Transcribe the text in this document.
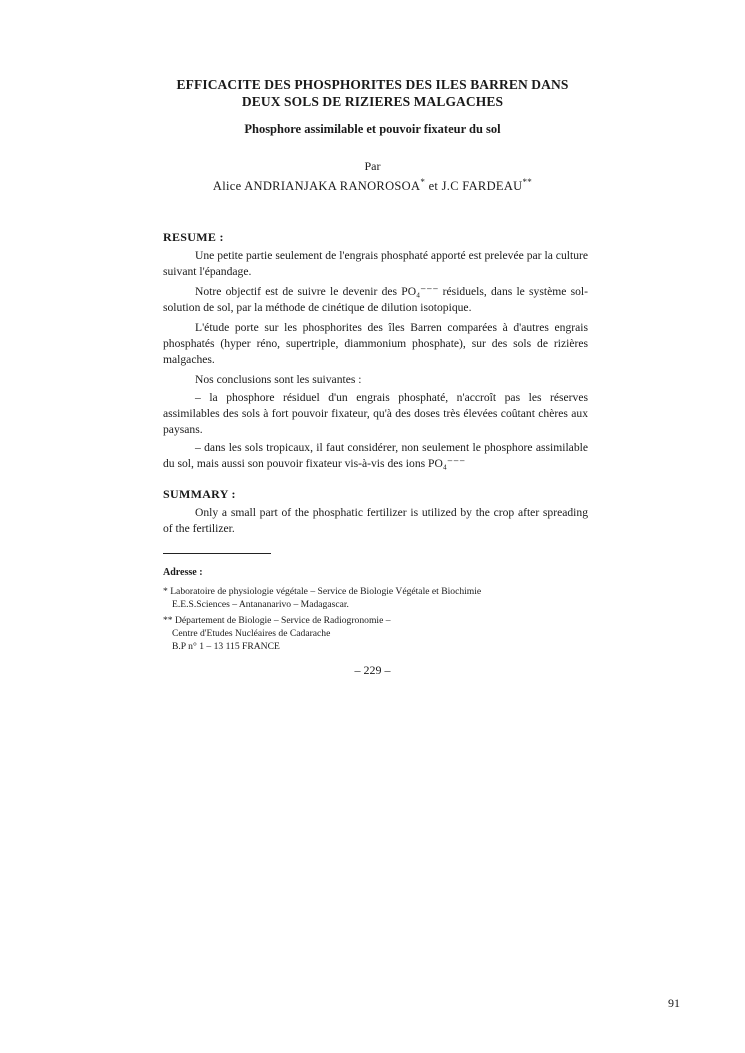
EFFICACITE DES PHOSPHORITES DES ILES BARREN DANS
DEUX SOLS DE RIZIERES MALGACHES
Phosphore assimilable et pouvoir fixateur du sol
Par
Alice ANDRIANJAKA RANOROSOA* et J.C FARDEAU**
RESUME :

Une petite partie seulement de l'engrais phosphaté apporté est prelevée par la culture suivant l'épandage.

Notre objectif est de suivre le devenir des PO₄⁻⁻⁻ résiduels, dans le système sol-solution de sol, par la méthode de cinétique de dilution isotopique.

L'étude porte sur les phosphorites des îles Barren comparées à d'autres engrais phosphatés (hyper réno, supertriple, diammonium phosphate), sur des sols de rizières malgaches.

Nos conclusions sont les suivantes :

– la phosphore résiduel d'un engrais phosphaté, n'accroît pas les réserves assimilables des sols à fort pouvoir fixateur, qu'à des doses très élevées coûtant chères aux paysans.

– dans les sols tropicaux, il faut considérer, non seulement le phosphore assimilable du sol, mais aussi son pouvoir fixateur vis-à-vis des ions PO₄⁻⁻⁻

SUMMARY :

Only a small part of the phosphatic fertilizer is utilized by the crop after spreading of the fertilizer.

Adresse :
* Laboratoire de physiologie végétale – Service de Biologie Végétale et Biochimie
E.E.S.Sciences – Antananarivo – Madagascar.
** Département de Biologie – Service de Radiogronomie –
Centre d'Etudes Nucléaires de Cadarache
B.P n° 1 – 13 115 FRANCE
– 229 –
91
